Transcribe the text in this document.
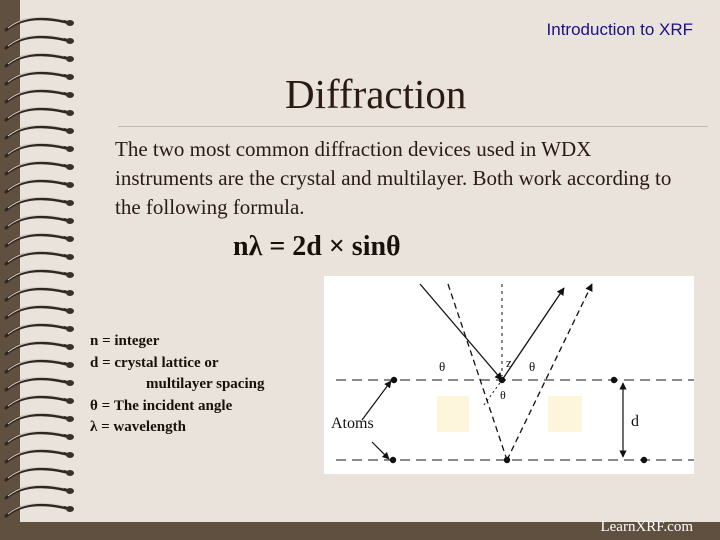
Introduction to XRF
Diffraction
The two most common diffraction devices used in WDX instruments are the crystal and multilayer. Both work according to the following formula.
nλ = 2d × sinθ
n = integer
d = crystal lattice or
multilayer spacing
θ = The incident angle
λ = wavelength	Atoms	d
z
θ	θ
θ
LearnXRF.com
